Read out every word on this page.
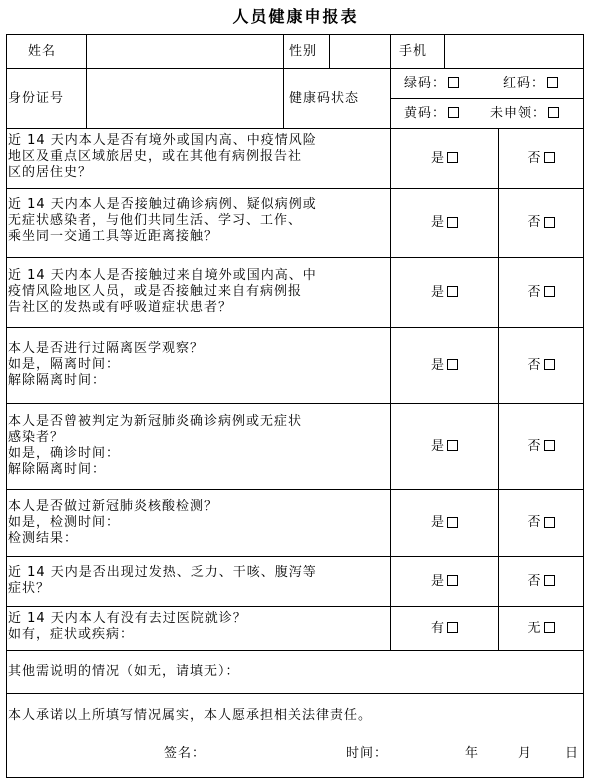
人员健康申报表
姓名	性别	手机
身份证号	健康码状态
绿码：	红码：
黄码：	未申领：
近 14 天内本人是否有境外或国内高、中疫情风险
地区及重点区域旅居史，或在其他有病例报告社
区的居住史？
是	否
近 14 天内本人是否接触过确诊病例、疑似病例或
无症状感染者，与他们共同生活、学习、工作、
乘坐同一交通工具等近距离接触？
是	否
近 14 天内本人是否接触过来自境外或国内高、中
疫情风险地区人员，或是否接触过来自有病例报
告社区的发热或有呼吸道症状患者？
是	否
本人是否进行过隔离医学观察？
如是，隔离时间：
解除隔离时间：
是	否
本人是否曾被判定为新冠肺炎确诊病例或无症状
感染者？
如是，确诊时间：
解除隔离时间：
是	否
本人是否做过新冠肺炎核酸检测？
如是，检测时间：
检测结果：
是	否
近 14 天内是否出现过发热、乏力、干咳、腹泻等
症状？	是	否
近 14 天内本人有没有去过医院就诊？
如有，症状或疾病：	有	无
其他需说明的情况（如无，请填无）：
本人承诺以上所填写情况属实，本人愿承担相关法律责任。
签名：	时间：	年	月	日
